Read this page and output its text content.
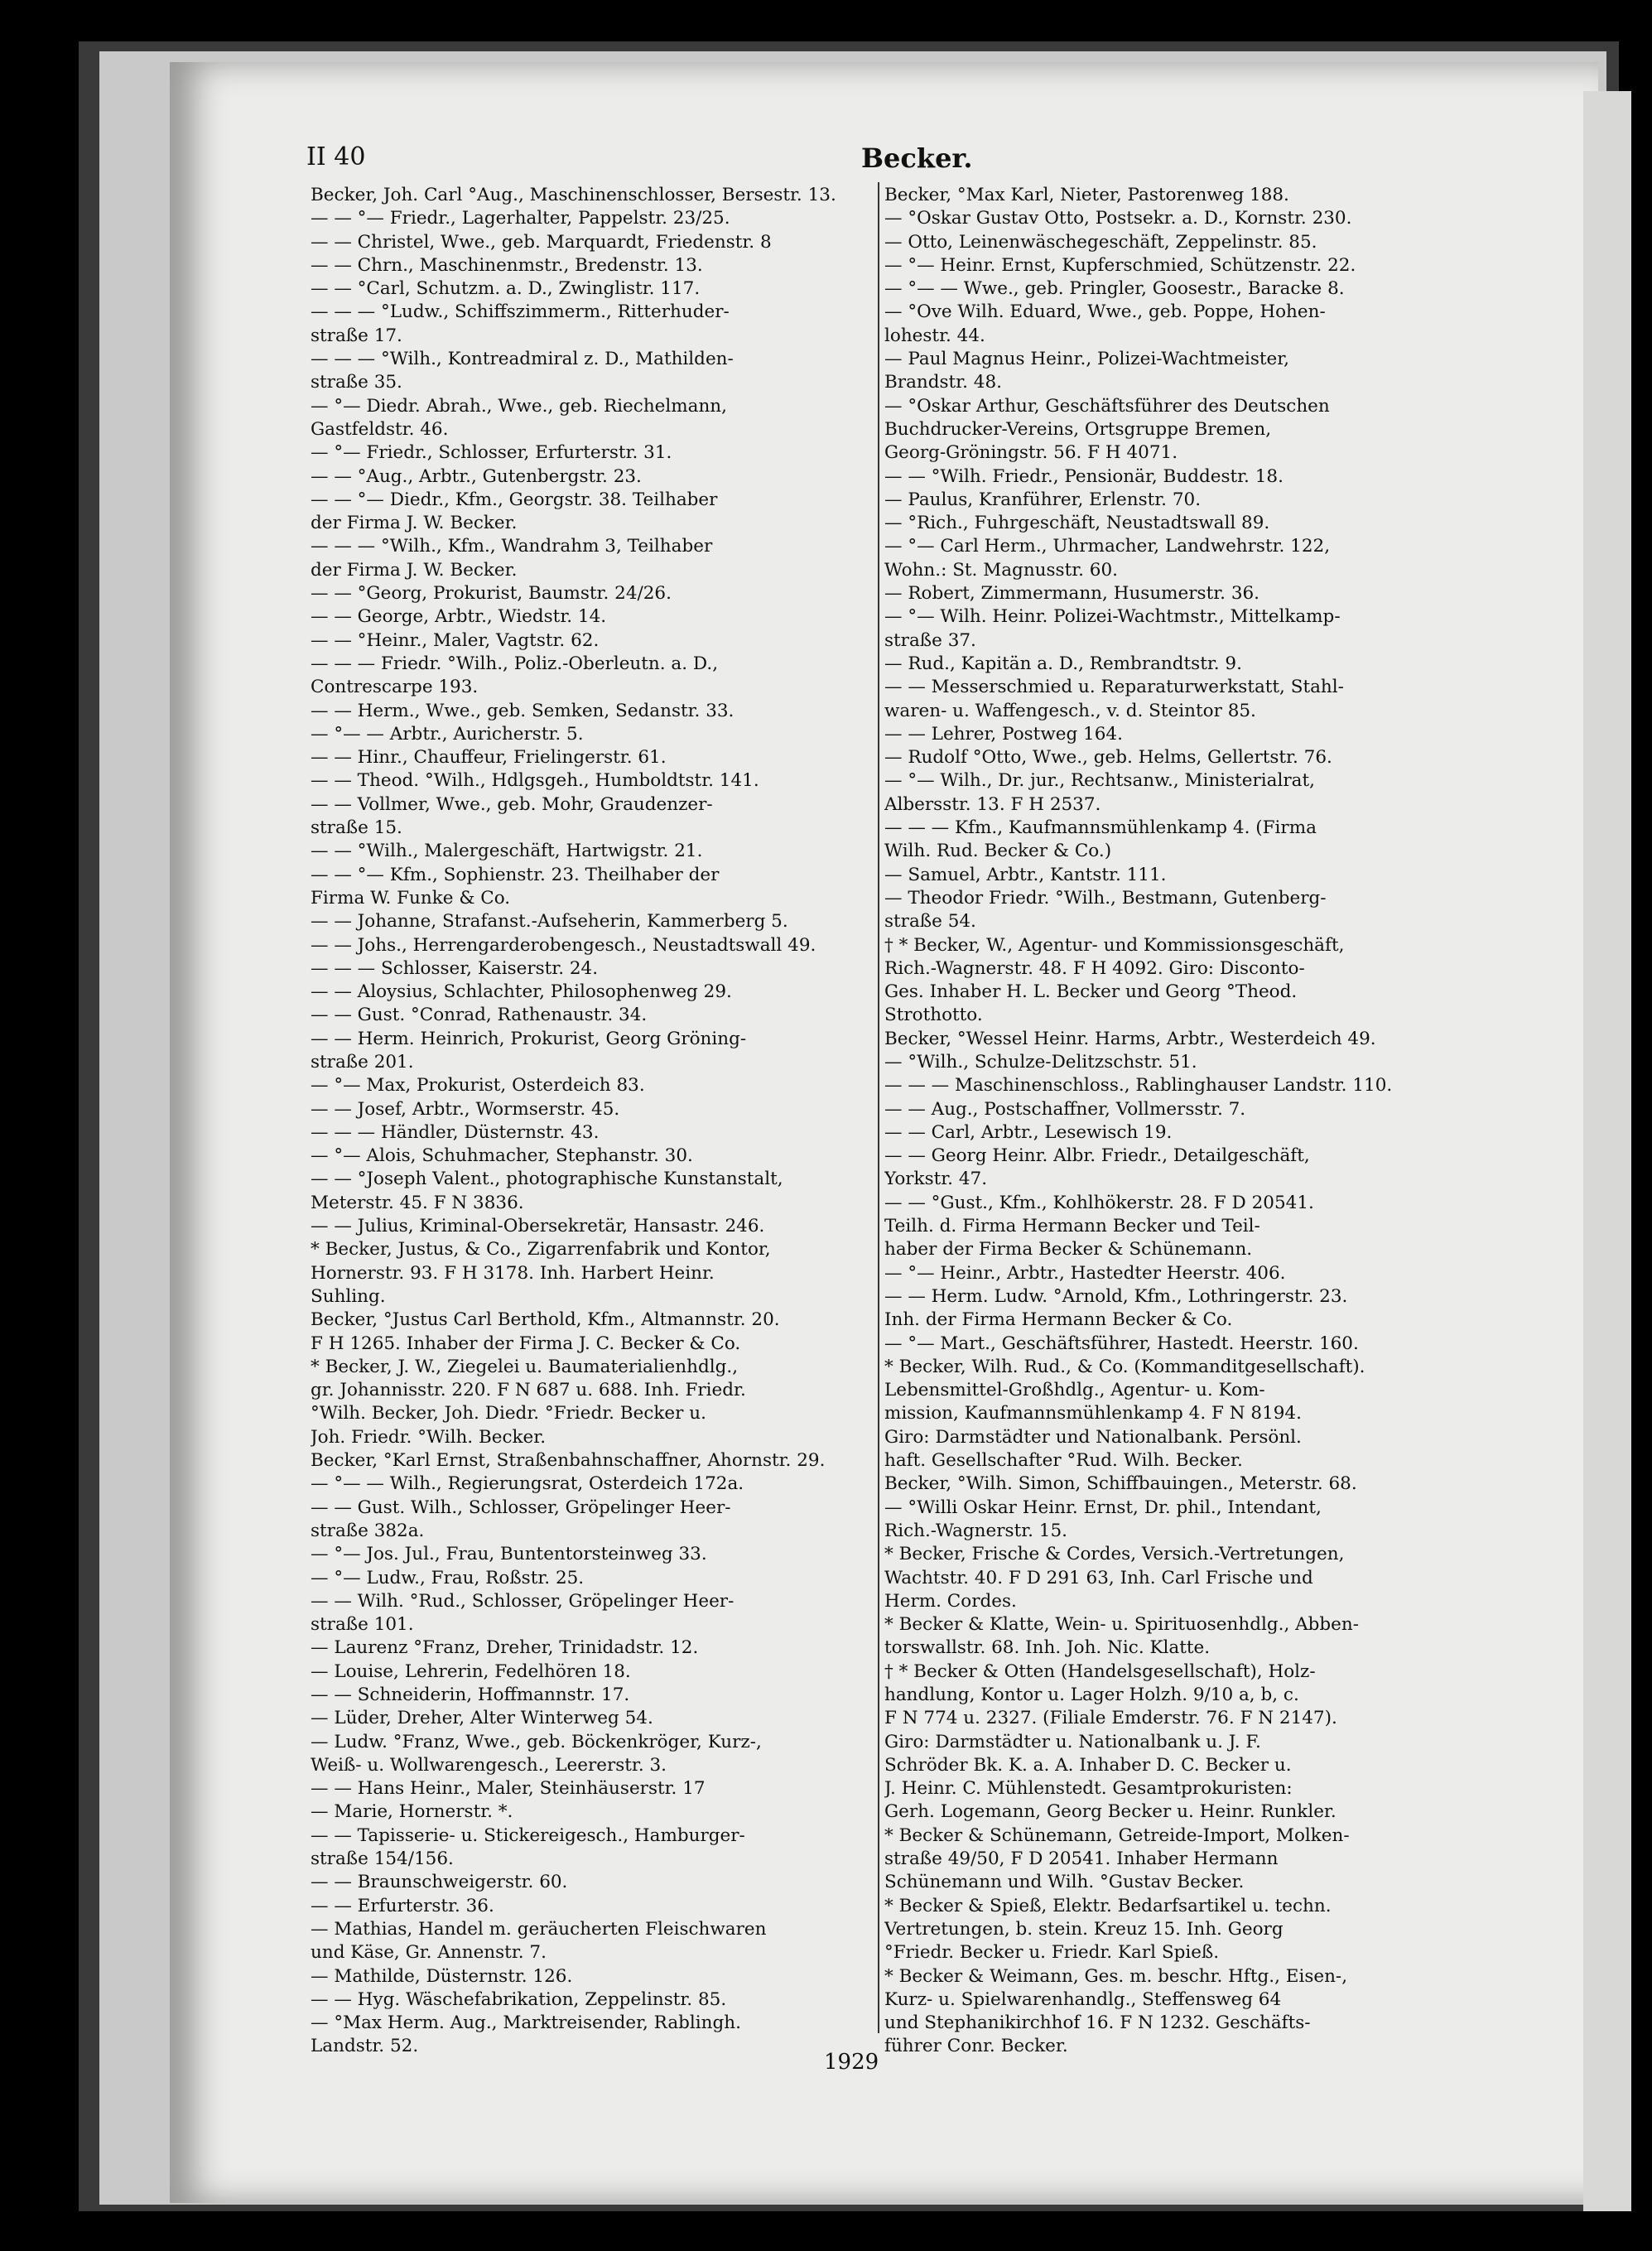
II 40	Becker.
Becker, Joh. Carl °Aug., Maschinenschlosser, Bersestr. 13.
— — °— Friedr., Lagerhalter, Pappelstr. 23/25.
— — Christel, Wwe., geb. Marquardt, Friedenstr. 8
— — Chrn., Maschinenmstr., Bredenstr. 13.
— — °Carl, Schutzm. a. D., Zwinglistr. 117.
— — — °Ludw., Schiffszimmerm., Ritterhuder-
straße 17.
— — — °Wilh., Kontreadmiral z. D., Mathilden-
straße 35.
— °— Diedr. Abrah., Wwe., geb. Riechelmann,
Gastfeldstr. 46.
— °— Friedr., Schlosser, Erfurterstr. 31.
— — °Aug., Arbtr., Gutenbergstr. 23.
— — °— Diedr., Kfm., Georgstr. 38. Teilhaber
der Firma J. W. Becker.
— — — °Wilh., Kfm., Wandrahm 3, Teilhaber
der Firma J. W. Becker.
— — °Georg, Prokurist, Baumstr. 24/26.
— — George, Arbtr., Wiedstr. 14.
— — °Heinr., Maler, Vagtstr. 62.
— — — Friedr. °Wilh., Poliz.-Oberleutn. a. D.,
Contrescarpe 193.
— — Herm., Wwe., geb. Semken, Sedanstr. 33.
— °— — Arbtr., Auricherstr. 5.
— — Hinr., Chauffeur, Frielingerstr. 61.
— — Theod. °Wilh., Hdlgsgeh., Humboldtstr. 141.
— — Vollmer, Wwe., geb. Mohr, Graudenzer-
straße 15.
— — °Wilh., Malergeschäft, Hartwigstr. 21.
— — °— Kfm., Sophienstr. 23. Theilhaber der
Firma W. Funke & Co.
— — Johanne, Strafanst.-Aufseherin, Kammerberg 5.
— — Johs., Herrengarderobengesch., Neustadtswall 49.
— — — Schlosser, Kaiserstr. 24.
— — Aloysius, Schlachter, Philosophenweg 29.
— — Gust. °Conrad, Rathenaustr. 34.
— — Herm. Heinrich, Prokurist, Georg Gröning-
straße 201.
— °— Max, Prokurist, Osterdeich 83.
— — Josef, Arbtr., Wormserstr. 45.
— — — Händler, Düsternstr. 43.
— °— Alois, Schuhmacher, Stephanstr. 30.
— — °Joseph Valent., photographische Kunstanstalt,
Meterstr. 45. F N 3836.
— — Julius, Kriminal-Obersekretär, Hansastr. 246.
* Becker, Justus, & Co., Zigarrenfabrik und Kontor,
Hornerstr. 93. F H 3178. Inh. Harbert Heinr.
Suhling.
Becker, °Justus Carl Berthold, Kfm., Altmannstr. 20.
F H 1265. Inhaber der Firma J. C. Becker & Co.
* Becker, J. W., Ziegelei u. Baumaterialienhdlg.,
gr. Johannisstr. 220. F N 687 u. 688. Inh. Friedr.
°Wilh. Becker, Joh. Diedr. °Friedr. Becker u.
Joh. Friedr. °Wilh. Becker.
Becker, °Karl Ernst, Straßenbahnschaffner, Ahornstr. 29.
— °— — Wilh., Regierungsrat, Osterdeich 172a.
— — Gust. Wilh., Schlosser, Gröpelinger Heer-
straße 382a.
— °— Jos. Jul., Frau, Buntentorsteinweg 33.
— °— Ludw., Frau, Roßstr. 25.
— — Wilh. °Rud., Schlosser, Gröpelinger Heer-
straße 101.
— Laurenz °Franz, Dreher, Trinidadstr. 12.
— Louise, Lehrerin, Fedelhören 18.
— — Schneiderin, Hoffmannstr. 17.
— Lüder, Dreher, Alter Winterweg 54.
— Ludw. °Franz, Wwe., geb. Böckenkröger, Kurz-,
Weiß- u. Wollwarengesch., Leererstr. 3.
— — Hans Heinr., Maler, Steinhäuserstr. 17
— Marie, Hornerstr. *.
— — Tapisserie- u. Stickereigesch., Hamburger-
straße 154/156.
— — Braunschweigerstr. 60.
— — Erfurterstr. 36.
— Mathias, Handel m. geräucherten Fleischwaren
und Käse, Gr. Annenstr. 7.
— Mathilde, Düsternstr. 126.
— — Hyg. Wäschefabrikation, Zeppelinstr. 85.
— °Max Herm. Aug., Marktreisender, Rablingh.
Landstr. 52.
Becker, °Max Karl, Nieter, Pastorenweg 188.
— °Oskar Gustav Otto, Postsekr. a. D., Kornstr. 230.
— Otto, Leinenwäschegeschäft, Zeppelinstr. 85.
— °— Heinr. Ernst, Kupferschmied, Schützenstr. 22.
— °— — Wwe., geb. Pringler, Goosestr., Baracke 8.
— °Ove Wilh. Eduard, Wwe., geb. Poppe, Hohen-
lohestr. 44.
— Paul Magnus Heinr., Polizei-Wachtmeister,
Brandstr. 48.
— °Oskar Arthur, Geschäftsführer des Deutschen
Buchdrucker-Vereins, Ortsgruppe Bremen,
Georg-Gröningstr. 56. F H 4071.
— — °Wilh. Friedr., Pensionär, Buddestr. 18.
— Paulus, Kranführer, Erlenstr. 70.
— °Rich., Fuhrgeschäft, Neustadtswall 89.
— °— Carl Herm., Uhrmacher, Landwehrstr. 122,
Wohn.: St. Magnusstr. 60.
— Robert, Zimmermann, Husumerstr. 36.
— °— Wilh. Heinr. Polizei-Wachtmstr., Mittelkamp-
straße 37.
— Rud., Kapitän a. D., Rembrandtstr. 9.
— — Messerschmied u. Reparaturwerkstatt, Stahl-
waren- u. Waffengesch., v. d. Steintor 85.
— — Lehrer, Postweg 164.
— Rudolf °Otto, Wwe., geb. Helms, Gellertstr. 76.
— °— Wilh., Dr. jur., Rechtsanw., Ministerialrat,
Albersstr. 13. F H 2537.
— — — Kfm., Kaufmannsmühlenkamp 4. (Firma
Wilh. Rud. Becker & Co.)
— Samuel, Arbtr., Kantstr. 111.
— Theodor Friedr. °Wilh., Bestmann, Gutenberg-
straße 54.
† * Becker, W., Agentur- und Kommissionsgeschäft,
Rich.-Wagnerstr. 48. F H 4092. Giro: Disconto-
Ges. Inhaber H. L. Becker und Georg °Theod.
Strothotto.
Becker, °Wessel Heinr. Harms, Arbtr., Westerdeich 49.
— °Wilh., Schulze-Delitzschstr. 51.
— — — Maschinenschloss., Rablinghauser Landstr. 110.
— — Aug., Postschaffner, Vollmersstr. 7.
— — Carl, Arbtr., Lesewisch 19.
— — Georg Heinr. Albr. Friedr., Detailgeschäft,
Yorkstr. 47.
— — °Gust., Kfm., Kohlhökerstr. 28. F D 20541.
Teilh. d. Firma Hermann Becker und Teil-
haber der Firma Becker & Schünemann.
— °— Heinr., Arbtr., Hastedter Heerstr. 406.
— — Herm. Ludw. °Arnold, Kfm., Lothringerstr. 23.
Inh. der Firma Hermann Becker & Co.
— °— Mart., Geschäftsführer, Hastedt. Heerstr. 160.
* Becker, Wilh. Rud., & Co. (Kommanditgesellschaft).
Lebensmittel-Großhdlg., Agentur- u. Kom-
mission, Kaufmannsmühlenkamp 4. F N 8194.
Giro: Darmstädter und Nationalbank. Persönl.
haft. Gesellschafter °Rud. Wilh. Becker.
Becker, °Wilh. Simon, Schiffbauingen., Meterstr. 68.
— °Willi Oskar Heinr. Ernst, Dr. phil., Intendant,
Rich.-Wagnerstr. 15.
* Becker, Frische & Cordes, Versich.-Vertretungen,
Wachtstr. 40. F D 291 63, Inh. Carl Frische und
Herm. Cordes.
* Becker & Klatte, Wein- u. Spirituosenhdlg., Abben-
torswallstr. 68. Inh. Joh. Nic. Klatte.
† * Becker & Otten (Handelsgesellschaft), Holz-
handlung, Kontor u. Lager Holzh. 9/10 a, b, c.
F N 774 u. 2327. (Filiale Emderstr. 76. F N 2147).
Giro: Darmstädter u. Nationalbank u. J. F.
Schröder Bk. K. a. A. Inhaber D. C. Becker u.
J. Heinr. C. Mühlenstedt. Gesamtprokuristen:
Gerh. Logemann, Georg Becker u. Heinr. Runkler.
* Becker & Schünemann, Getreide-Import, Molken-
straße 49/50, F D 20541. Inhaber Hermann
Schünemann und Wilh. °Gustav Becker.
* Becker & Spieß, Elektr. Bedarfsartikel u. techn.
Vertretungen, b. stein. Kreuz 15. Inh. Georg
°Friedr. Becker u. Friedr. Karl Spieß.
* Becker & Weimann, Ges. m. beschr. Hftg., Eisen-,
Kurz- u. Spielwarenhandlg., Steffensweg 64
und Stephanikirchhof 16. F N 1232. Geschäfts-
führer Conr. Becker.
1929
